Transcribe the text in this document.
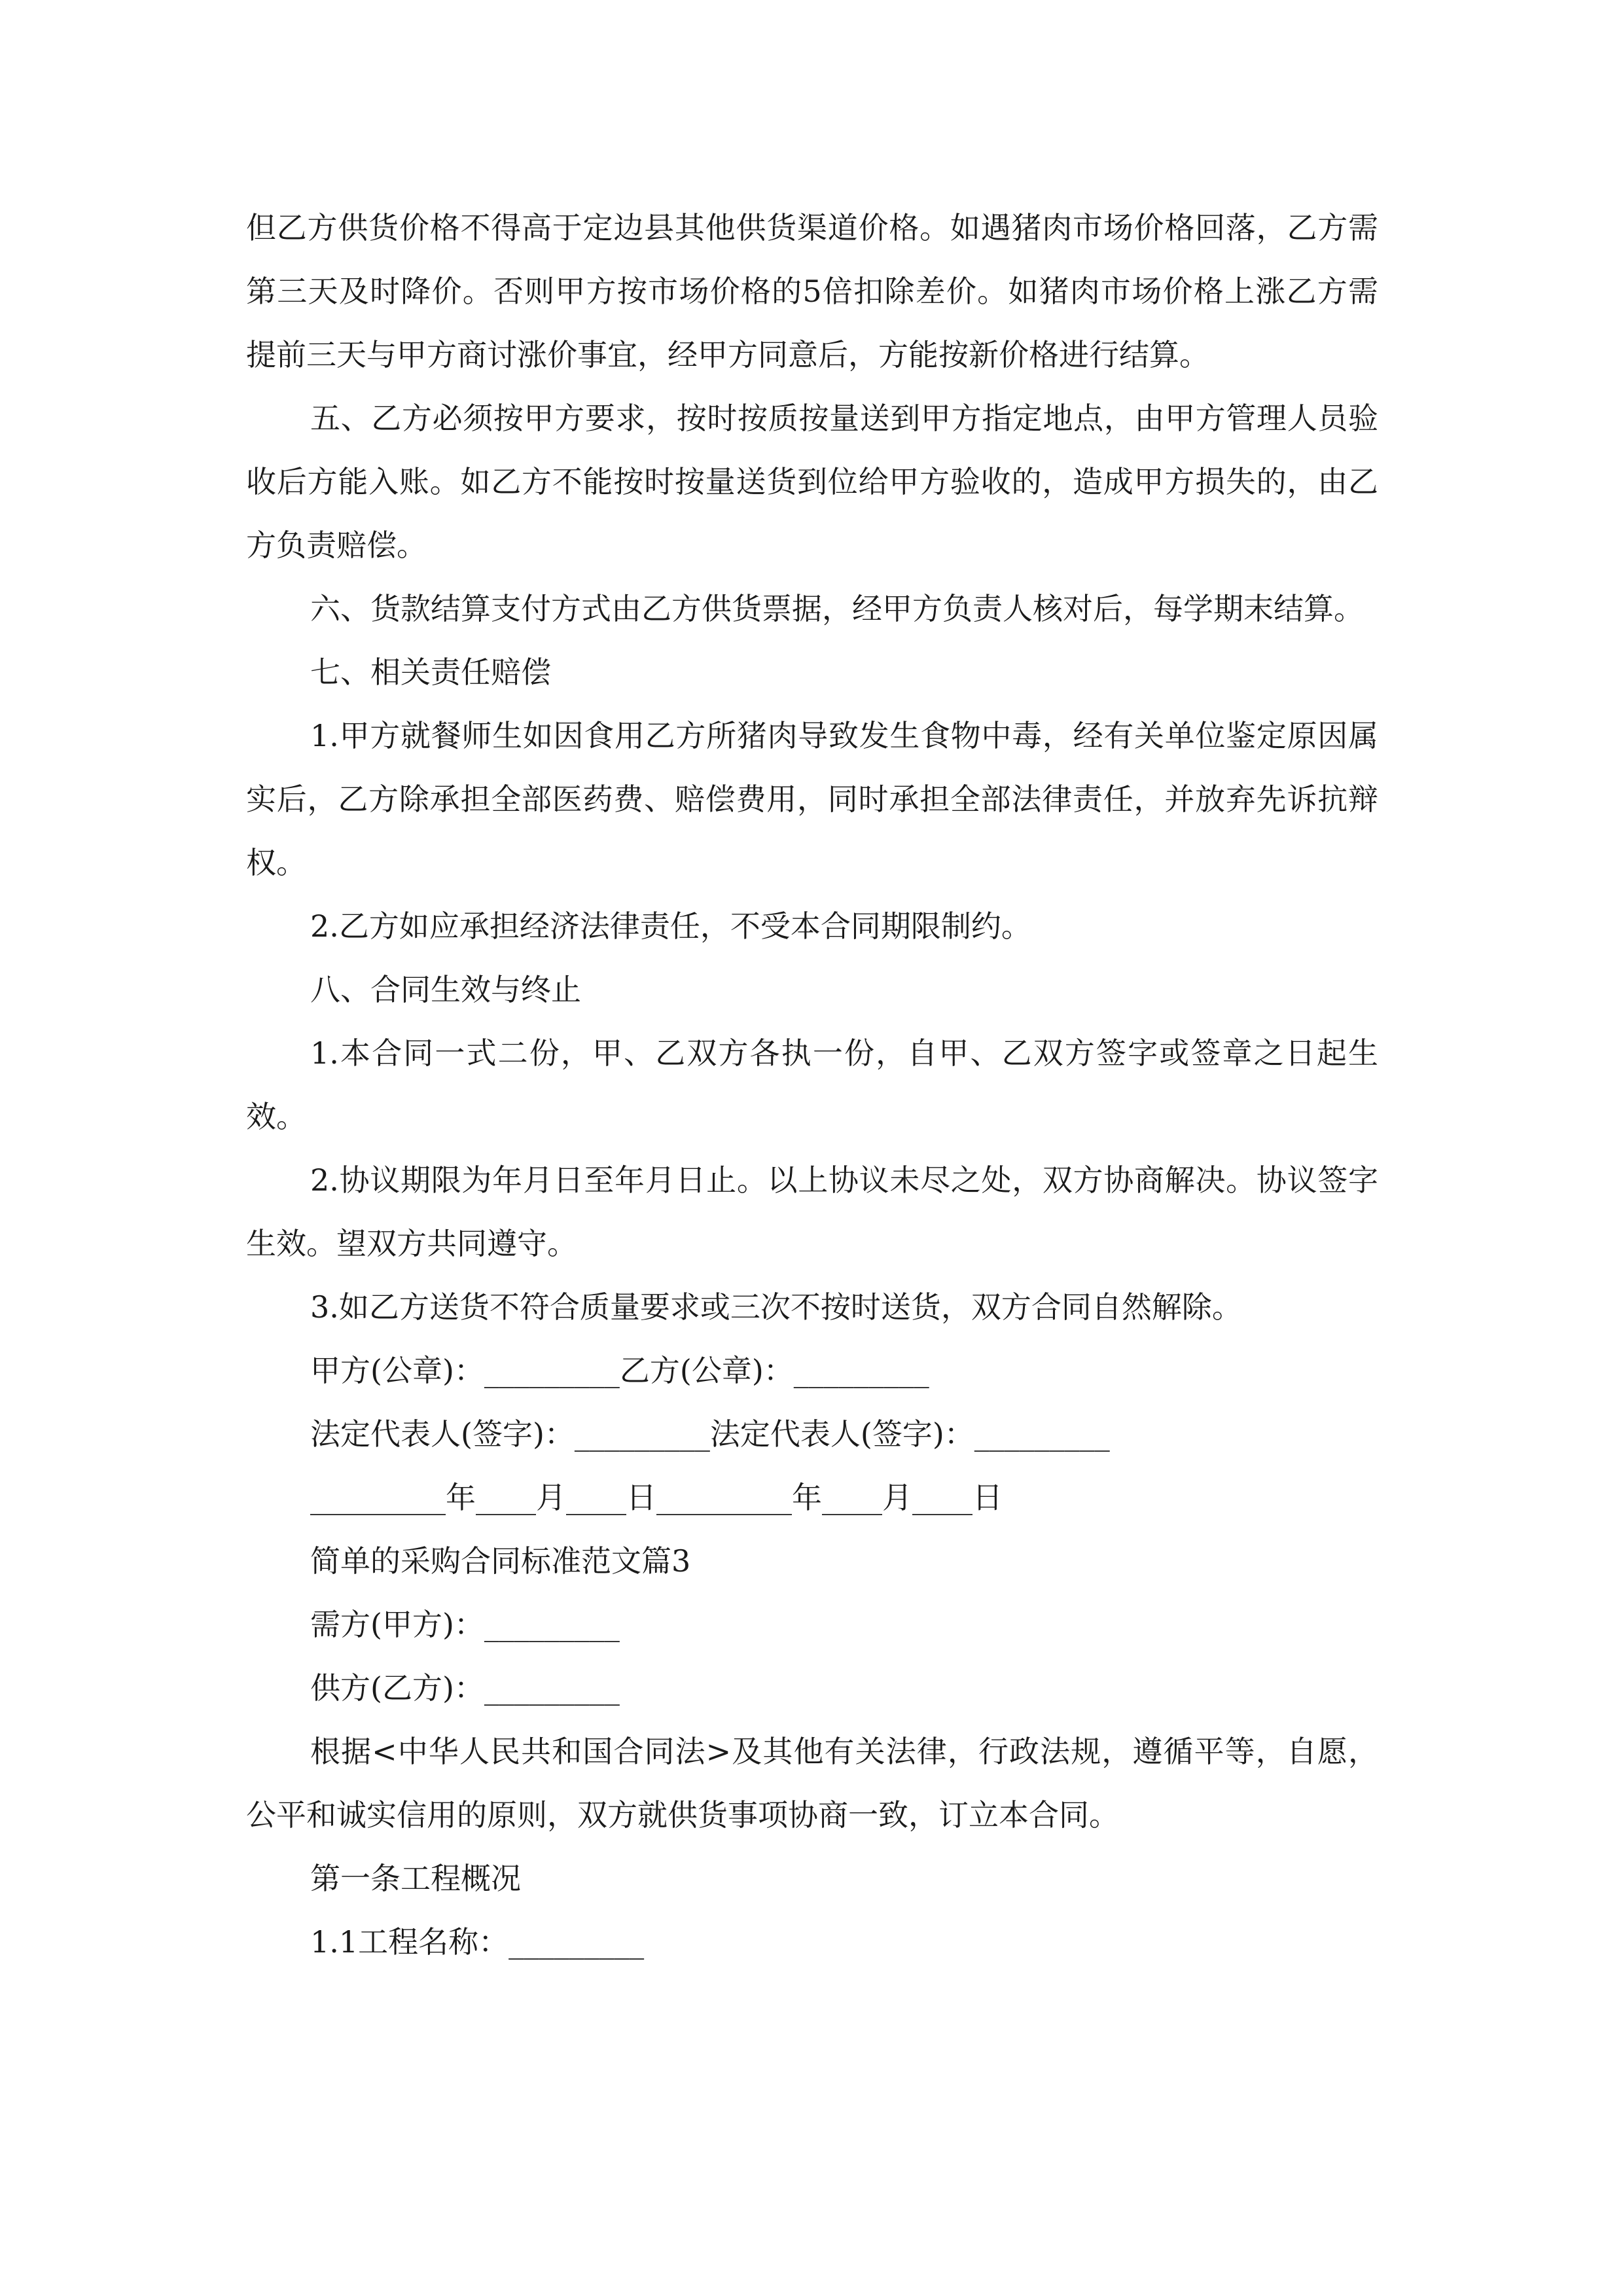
但乙方供货价格不得高于定边县其他供货渠道价格。如遇猪肉市场价格回落，乙方需第三天及时降价。否则甲方按市场价格的5倍扣除差价。如猪肉市场价格上涨乙方需提前三天与甲方商讨涨价事宜，经甲方同意后，方能按新价格进行结算。

五、乙方必须按甲方要求，按时按质按量送到甲方指定地点，由甲方管理人员验收后方能入账。如乙方不能按时按量送货到位给甲方验收的，造成甲方损失的，由乙方负责赔偿。

六、货款结算支付方式由乙方供货票据，经甲方负责人核对后，每学期末结算。

七、相关责任赔偿

1.甲方就餐师生如因食用乙方所猪肉导致发生食物中毒，经有关单位鉴定原因属实后，乙方除承担全部医药费、赔偿费用，同时承担全部法律责任，并放弃先诉抗辩权。

2.乙方如应承担经济法律责任，不受本合同期限制约。

八、合同生效与终止

1.本合同一式二份，甲、乙双方各执一份，自甲、乙双方签字或签章之日起生效。

2.协议期限为年月日至年月日止。以上协议未尽之处，双方协商解决。协议签字生效。望双方共同遵守。

3.如乙方送货不符合质量要求或三次不按时送货，双方合同自然解除。

甲方(公章)：_________乙方(公章)：_________

法定代表人(签字)：_________法定代表人(签字)：_________

_________年____月____日_________年____月____日

简单的采购合同标准范文篇3

需方(甲方)：_________

供方(乙方)：_________

根据<中华人民共和国合同法>及其他有关法律，行政法规，遵循平等，自愿，公平和诚实信用的原则，双方就供货事项协商一致，订立本合同。

第一条工程概况

1.1工程名称：_________
